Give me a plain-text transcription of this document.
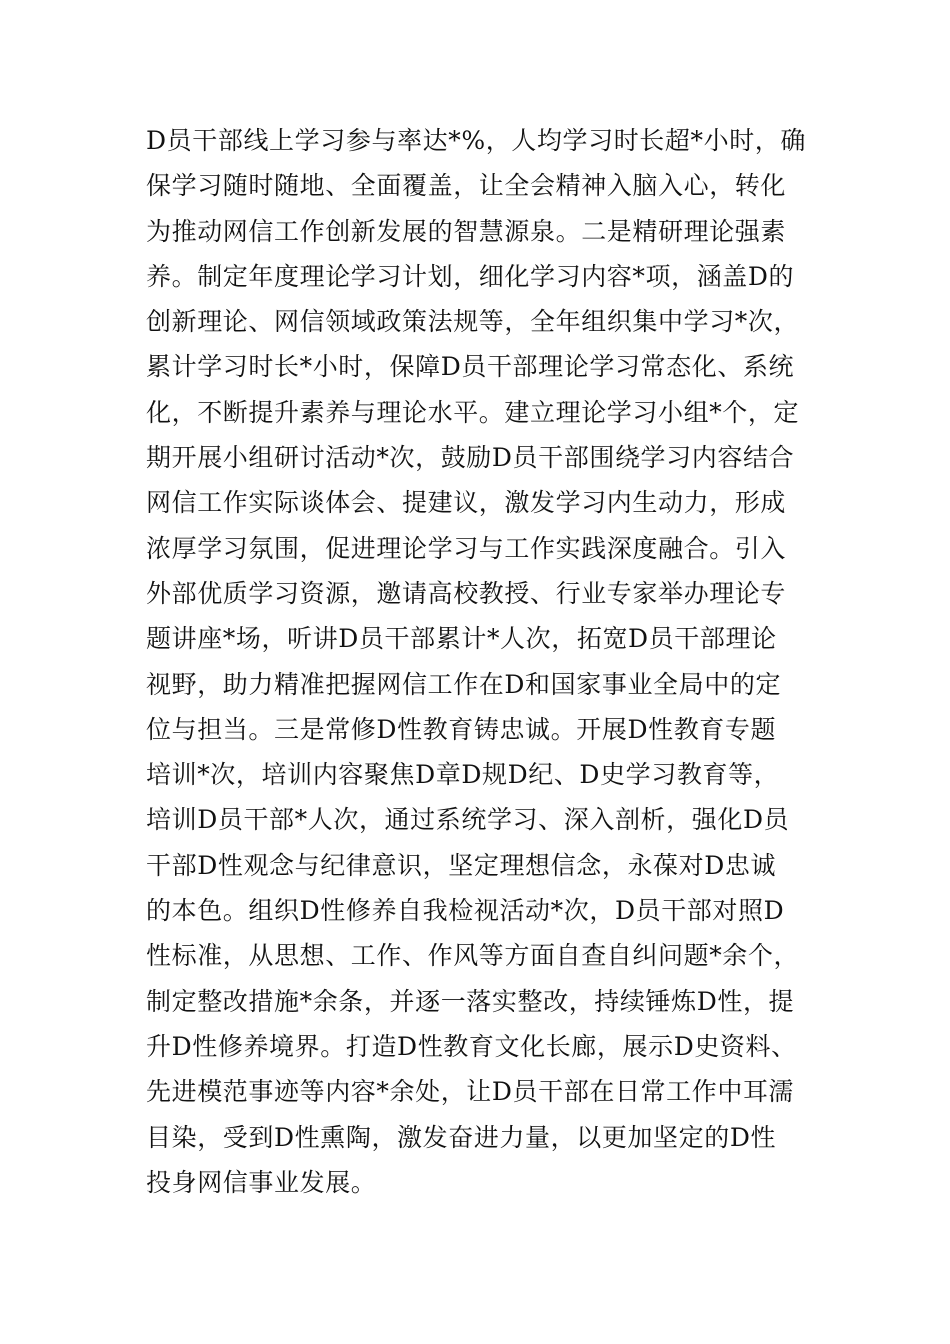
D员干部线上学习参与率达*%，人均学习时长超*小时，确
保学习随时随地、全面覆盖，让全会精神入脑入心，转化
为推动网信工作创新发展的智慧源泉。二是精研理论强素
养。制定年度理论学习计划，细化学习内容*项，涵盖D的
创新理论、网信领域政策法规等，全年组织集中学习*次，
累计学习时长*小时，保障D员干部理论学习常态化、系统
化，不断提升素养与理论水平。建立理论学习小组*个，定
期开展小组研讨活动*次，鼓励D员干部围绕学习内容结合
网信工作实际谈体会、提建议，激发学习内生动力，形成
浓厚学习氛围，促进理论学习与工作实践深度融合。引入
外部优质学习资源，邀请高校教授、行业专家举办理论专
题讲座*场，听讲D员干部累计*人次，拓宽D员干部理论
视野，助力精准把握网信工作在D和国家事业全局中的定
位与担当。三是常修D性教育铸忠诚。开展D性教育专题
培训*次，培训内容聚焦D章D规D纪、D史学习教育等，
培训D员干部*人次，通过系统学习、深入剖析，强化D员
干部D性观念与纪律意识，坚定理想信念，永葆对D忠诚
的本色。组织D性修养自我检视活动*次，D员干部对照D
性标准，从思想、工作、作风等方面自查自纠问题*余个，
制定整改措施*余条，并逐一落实整改，持续锤炼D性，提
升D性修养境界。打造D性教育文化长廊，展示D史资料、
先进模范事迹等内容*余处，让D员干部在日常工作中耳濡
目染，受到D性熏陶，激发奋进力量，以更加坚定的D性
投身网信事业发展。
